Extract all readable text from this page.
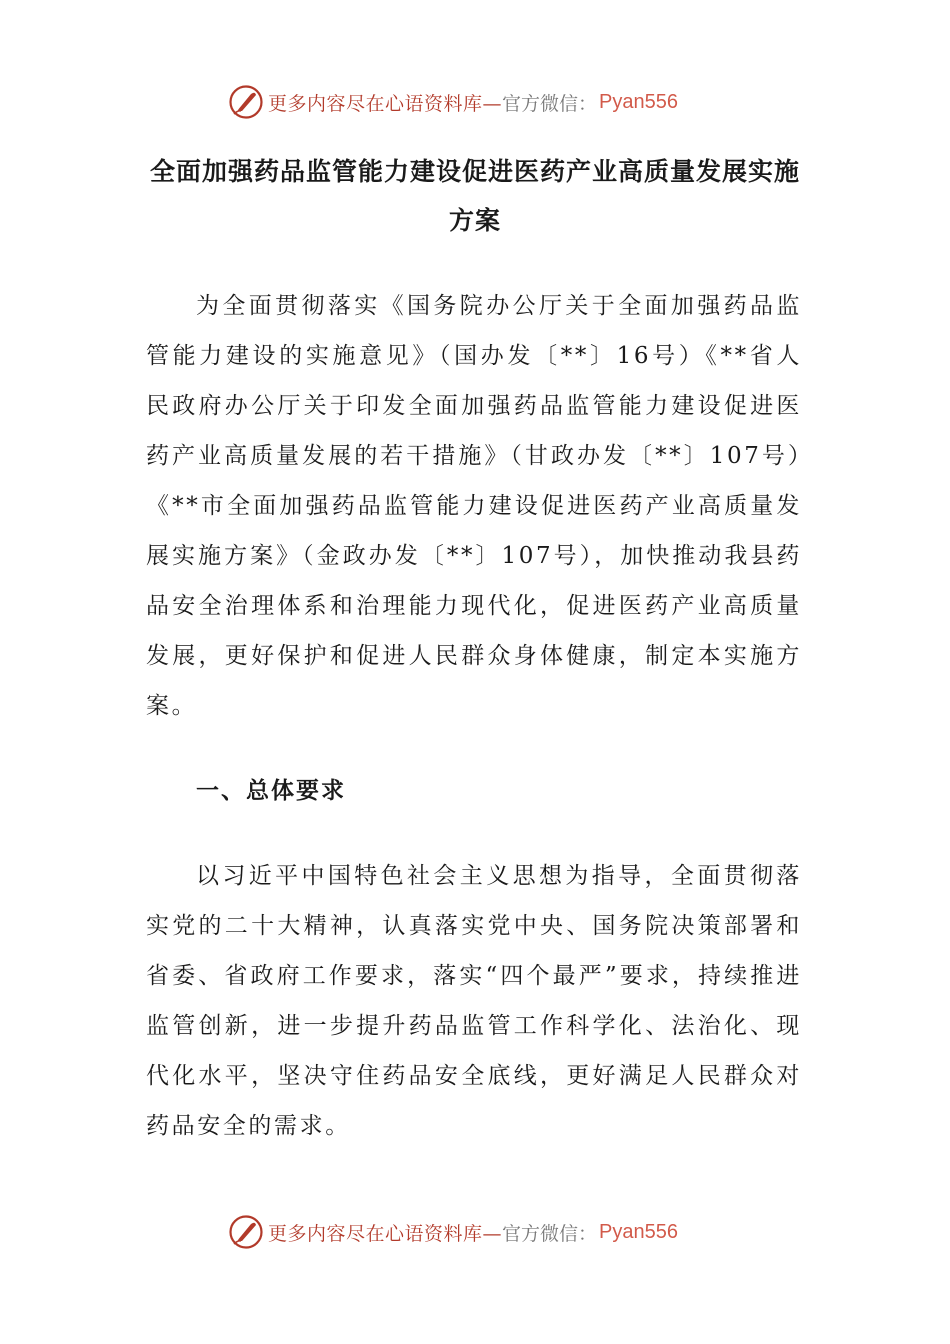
更多内容尽在心语资料库— 官方微信： Pyan556
全面加强药品监管能力建设促进医药产业高质量发展实施
方案

为全面贯彻落实《国务院办公厅关于全面加强药品监管能力建设的实施意见》（国办发〔**〕16号）《**省人民政府办公厅关于印发全面加强药品监管能力建设促进医药产业高质量发展的若干措施》（甘政办发〔**〕107号）《**市全面加强药品监管能力建设促进医药产业高质量发展实施方案》（金政办发〔**〕107号），加快推动我县药品安全治理体系和治理能力现代化，促进医药产业高质量发展，更好保护和促进人民群众身体健康，制定本实施方案。

一、总体要求

以习近平中国特色社会主义思想为指导，全面贯彻落实党的二十大精神，认真落实党中央、国务院决策部署和省委、省政府工作要求，落实“四个最严”要求，持续推进监管创新，进一步提升药品监管工作科学化、法治化、现代化水平，坚决守住药品安全底线，更好满足人民群众对药品安全的需求。

更多内容尽在心语资料库— 官方微信： Pyan556
